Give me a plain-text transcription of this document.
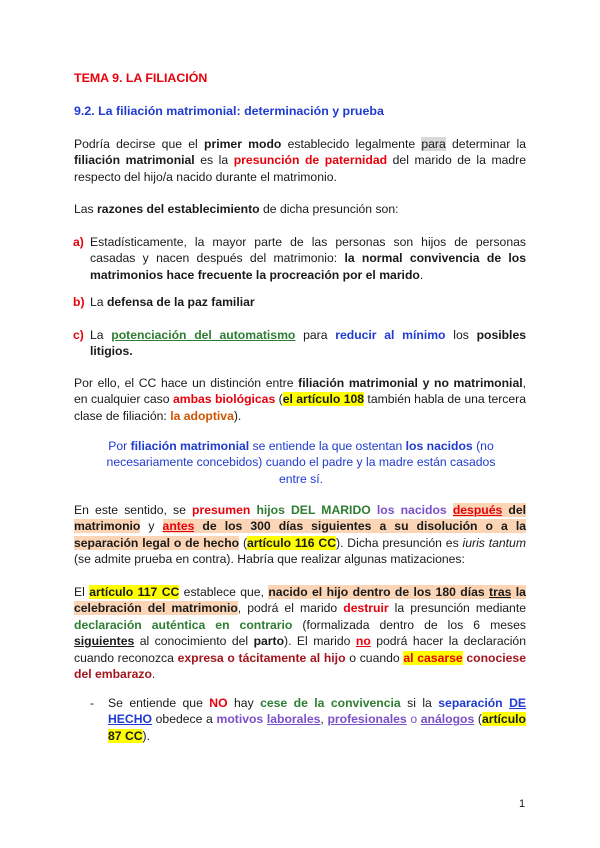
TEMA 9. LA FILIACIÓN
9.2. La filiación matrimonial: determinación y prueba
Podría decirse que el primer modo establecido legalmente para determinar la filiación matrimonial es la presunción de paternidad del marido de la madre respecto del hijo/a nacido durante el matrimonio.
Las razones del establecimiento de dicha presunción son:
a) Estadísticamente, la mayor parte de las personas son hijos de personas casadas y nacen después del matrimonio: la normal convivencia de los matrimonios hace frecuente la procreación por el marido.
b) La defensa de la paz familiar
c) La potenciación del automatismo para reducir al mínimo los posibles litigios.
Por ello, el CC hace un distinción entre filiación matrimonial y no matrimonial, en cualquier caso ambas biológicas (el artículo 108 también habla de una tercera clase de filiación: la adoptiva).
Por filiación matrimonial se entiende la que ostentan los nacidos (no necesariamente concebidos) cuando el padre y la madre están casados entre sí.
En este sentido, se presumen hijos DEL MARIDO los nacidos después del matrimonio y antes de los 300 días siguientes a su disolución o a la separación legal o de hecho (artículo 116 CC). Dicha presunción es iuris tantum (se admite prueba en contra). Habría que realizar algunas matizaciones:
El artículo 117 CC establece que, nacido el hijo dentro de los 180 días tras la celebración del matrimonio, podrá el marido destruir la presunción mediante declaración auténtica en contrario (formalizada dentro de los 6 meses siguientes al conocimiento del parto). El marido no podrá hacer la declaración cuando reconozca expresa o tácitamente al hijo o cuando al casarse conociese del embarazo.
- Se entiende que NO hay cese de la convivencia si la separación DE HECHO obedece a motivos laborales, profesionales o análogos (artículo 87 CC).
1
